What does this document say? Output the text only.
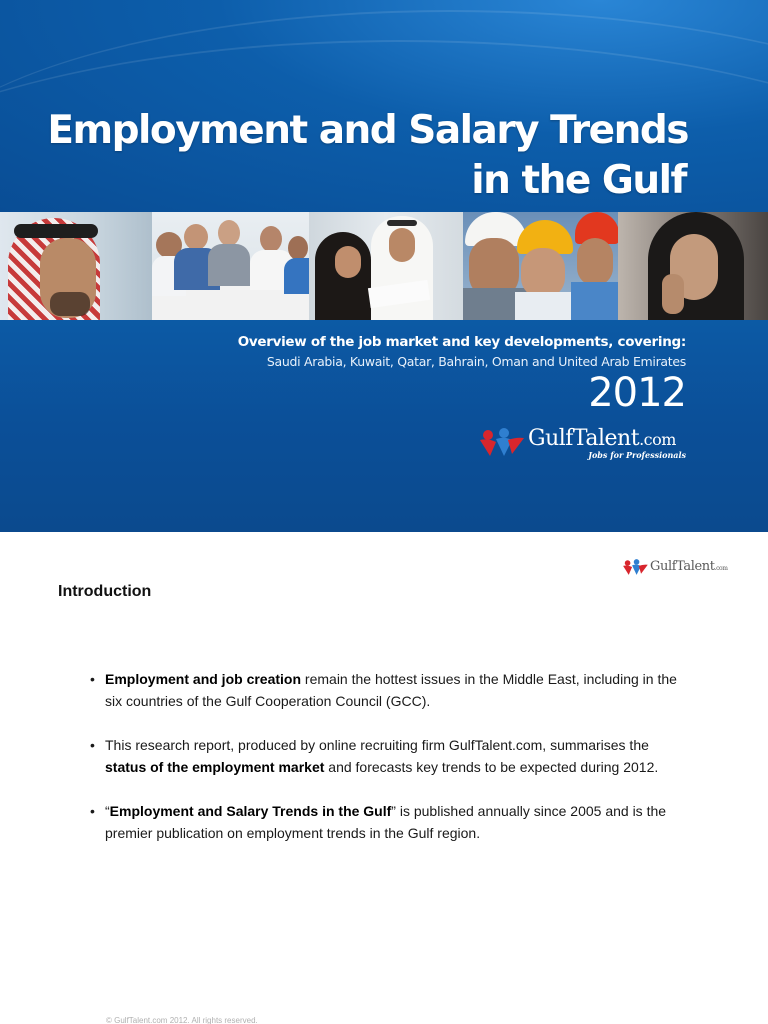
Employment and Salary Trends
in the Gulf
Overview of the job market and key developments, covering:
Saudi Arabia, Kuwait, Qatar, Bahrain, Oman and United Arab Emirates
2012
GulfTalent.com
Jobs for Professionals
GulfTalent.com
Introduction
• Employment and job creation remain the hottest issues in the Middle East, including in the six countries of the Gulf Cooperation Council (GCC).
• This research report, produced by online recruiting firm GulfTalent.com, summarises the status of the employment market and forecasts key trends to be expected during 2012.
• “Employment and Salary Trends in the Gulf” is published annually since 2005 and is the premier publication on employment trends in the Gulf region.
© GulfTalent.com 2012. All rights reserved.
